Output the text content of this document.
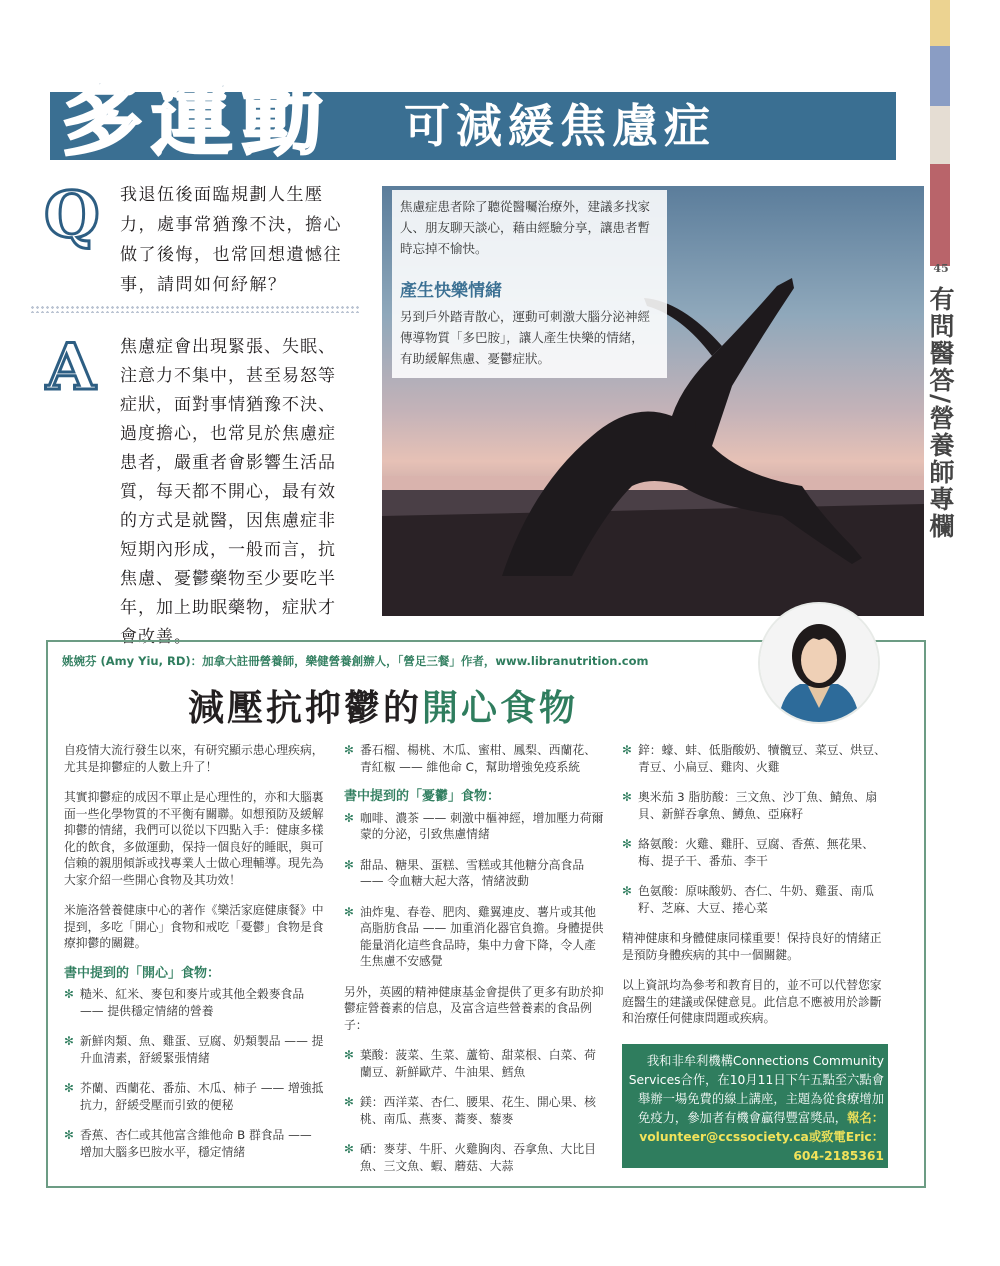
45
有問醫答/營養師專欄
多運動 可減緩焦慮症
Q 我退伍後面臨規劃人生壓力，處事常猶豫不決，擔心做了後悔，也常回想遺憾往事，請問如何紓解？
A 焦慮症會出現緊張、失眠、注意力不集中，甚至易怒等症狀，面對事情猶豫不決、過度擔心，也常見於焦慮症患者，嚴重者會影響生活品質，每天都不開心，最有效的方式是就醫，因焦慮症非短期內形成，一般而言，抗焦慮、憂鬱藥物至少要吃半年，加上助眠藥物，症狀才會改善。
焦慮症患者除了聽從醫囑治療外，建議多找家人、朋友聊天談心，藉由經驗分享，讓患者暫時忘掉不愉快。
產生快樂情緒
另到戶外踏青散心，運動可刺激大腦分泌神經傳導物質「多巴胺」，讓人產生快樂的情緒，有助緩解焦慮、憂鬱症狀。
姚婉芬 (Amy Yiu, RD)：加拿大註冊營養師，樂健營養創辦人，「營足三餐」作者，www.libranutrition.com
減壓抗抑鬱的開心食物

自疫情大流行發生以來，有研究顯示患心理疾病，尤其是抑鬱症的人數上升了！

其實抑鬱症的成因不單止是心理性的，亦和大腦裏面一些化學物質的不平衡有關聯。如想預防及緩解抑鬱的情緒，我們可以從以下四點入手：健康多樣化的飲食，多做運動，保持一個良好的睡眠，與可信賴的親朋傾訴或找專業人士做心理輔導。現先為大家介紹一些開心食物及其功效！

米施洛營養健康中心的著作《樂活家庭健康餐》中提到，多吃「開心」食物和戒吃「憂鬱」食物是食療抑鬱的關鍵。

書中提到的「開心」食物：
✻ 糙米、紅米、麥包和麥片或其他全穀麥食品 —— 提供穩定情緒的營養
✻ 新鮮肉類、魚、雞蛋、豆腐、奶類製品 —— 提升血清素，舒緩緊張情緒
✻ 芥蘭、西蘭花、番茄、木瓜、柿子 —— 增強抵抗力，舒緩受壓而引致的便秘
✻ 香蕉、杏仁或其他富含維他命 B 群食品 —— 增加大腦多巴胺水平，穩定情緒
✻ 番石榴、楊桃、木瓜、蜜柑、鳳梨、西蘭花、青紅椒 —— 維他命 C，幫助增強免疫系統
書中提到的「憂鬱」食物：
✻ 咖啡、濃茶 —— 刺激中樞神經，增加壓力荷爾蒙的分泌，引致焦慮情緒
✻ 甜品、糖果、蛋糕、雪糕或其他糖分高食品 —— 令血糖大起大落，情緒波動
✻ 油炸鬼、春卷、肥肉、雞翼連皮、薯片或其他高脂肪食品 —— 加重消化器官負擔。身體提供能量消化這些食品時，集中力會下降，令人產生焦慮不安感覺

另外，英國的精神健康基金會提供了更多有助於抑鬱症營養素的信息，及富含這些營養素的食品例子：

✻ 葉酸：菠菜、生菜、蘆筍、甜菜根、白菜、荷蘭豆、新鮮歐芹、牛油果、鱈魚
✻ 鎂：西洋菜、杏仁、腰果、花生、開心果、核桃、南瓜、燕麥、蕎麥、藜麥
✻ 硒：麥芽、牛肝、火雞胸肉、吞拿魚、大比目魚、三文魚、蝦、蘑菇、大蒜
✻ 鋅：蠔、蚌、低脂酸奶、犢髖豆、菜豆、烘豆、青豆、小扁豆、雞肉、火雞
✻ 奧米茄 3 脂肪酸：三文魚、沙丁魚、鯖魚、扇貝、新鮮吞拿魚、鱒魚、亞麻籽
✻ 絡氨酸：火雞、雞肝、豆腐、香蕉、無花果、梅、提子干、番茄、李干
✻ 色氨酸：原味酸奶、杏仁、牛奶、雞蛋、南瓜籽、芝麻、大豆、捲心菜

精神健康和身體健康同樣重要！保持良好的情緒正是預防身體疾病的其中一個關鍵。

以上資訊均為參考和教育目的，並不可以代替您家庭醫生的建議或保健意見。此信息不應被用於診斷和治療任何健康問題或疾病。

我和非牟利機構Connections Community Services合作，在10月11日下午五點至六點會舉辦一場免費的線上講座，主題為從食療增加免疫力，參加者有機會贏得豐富獎品，報名：volunteer@ccssociety.ca或致電Eric：604-2185361
